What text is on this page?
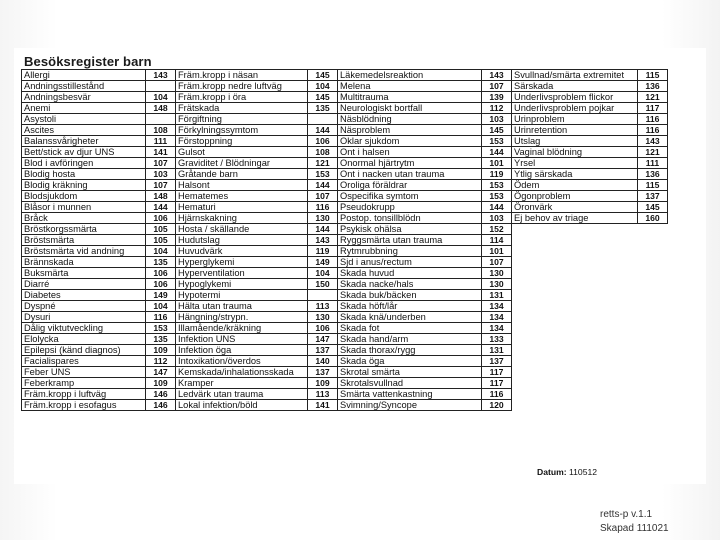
Besöksregister barn
Allergi	143	Främ.kropp i näsan	145	Läkemedelsreaktion	143	Svullnad/smärta extremitet	115
Andningsstillestånd		Främ.kropp nedre luftväg	104	Melena	107	Särskada	136
Andningsbesvär	104	Främ.kropp i öra	145	Multitrauma	139	Underlivsproblem flickor	121
Anemi	148	Frätskada	135	Neurologiskt bortfall	112	Underlivsproblem pojkar	117
Asystoli		Förgiftning		Näsblödning	103	Urinproblem	116
Ascites	108	Förkylningssymtom	144	Näsproblem	145	Urinretention	116
Balanssvårigheter	111	Förstoppning	106	Oklar sjukdom	153	Utslag	143
Bett/stick av djur UNS	141	Gulsot	108	Ont i halsen	144	Vaginal blödning	121
Blod i avföringen	107	Graviditet / Blödningar	121	Onormal hjärtrytm	101	Yrsel	111
Blodig hosta	103	Gråtande barn	153	Ont i nacken utan trauma	119	Ytlig särskada	136
Blodig kräkning	107	Halsont	144	Oroliga föräldrar	153	Ödem	115
Blodsjukdom	148	Hematemes	107	Ospecifika symtom	153	Ögonproblem	137
Blåsor i munnen	144	Hematuri	116	Pseudokrupp	144	Öronvärk	145
Bråck	106	Hjärnskakning	130	Postop. tonsillblödn	103	Ej behov av triage	160
Bröstkorgssmärta	105	Hosta / skällande	144	Psykisk ohälsa	152		
Bröstsmärta	105	Hudutslag	143	Ryggsmärta utan trauma	114		
Bröstsmärta vid andning	104	Huvudvärk	119	Rytmrubbning	101		
Brännskada	135	Hyperglykemi	149	Sjd i anus/rectum	107		
Buksmärta	106	Hyperventilation	104	Skada huvud	130		
Diarré	106	Hypoglykemi	150	Skada nacke/hals	130		
Diabetes	149	Hypotermi		Skada buk/bäcken	131		
Dyspné	104	Hälta utan trauma	113	Skada höft/lår	134		
Dysuri	116	Hängning/strypn.	130	Skada knä/underben	134		
Dålig viktutveckling	153	Illamående/kräkning	106	Skada fot	134		
Elolycka	135	Infektion UNS	147	Skada hand/arm	133		
Epilepsi (känd diagnos)	109	Infektion öga	137	Skada thorax/rygg	131		
Facialispares	112	Intoxikation/överdos	140	Skada öga	137		
Feber UNS	147	Kemskada/inhalationsskada	137	Skrotal smärta	117		
Feberkramp	109	Kramper	109	Skrotalsvullnad	117		
Främ.kropp i luftväg	146	Ledvärk utan trauma	113	Smärta vattenkastning	116		
Främ.kropp i esofagus	146	Lokal infektion/böld	141	Svimning/Syncope	120		
Datum: 110512
retts-p v.1.1
Skapad 111021
